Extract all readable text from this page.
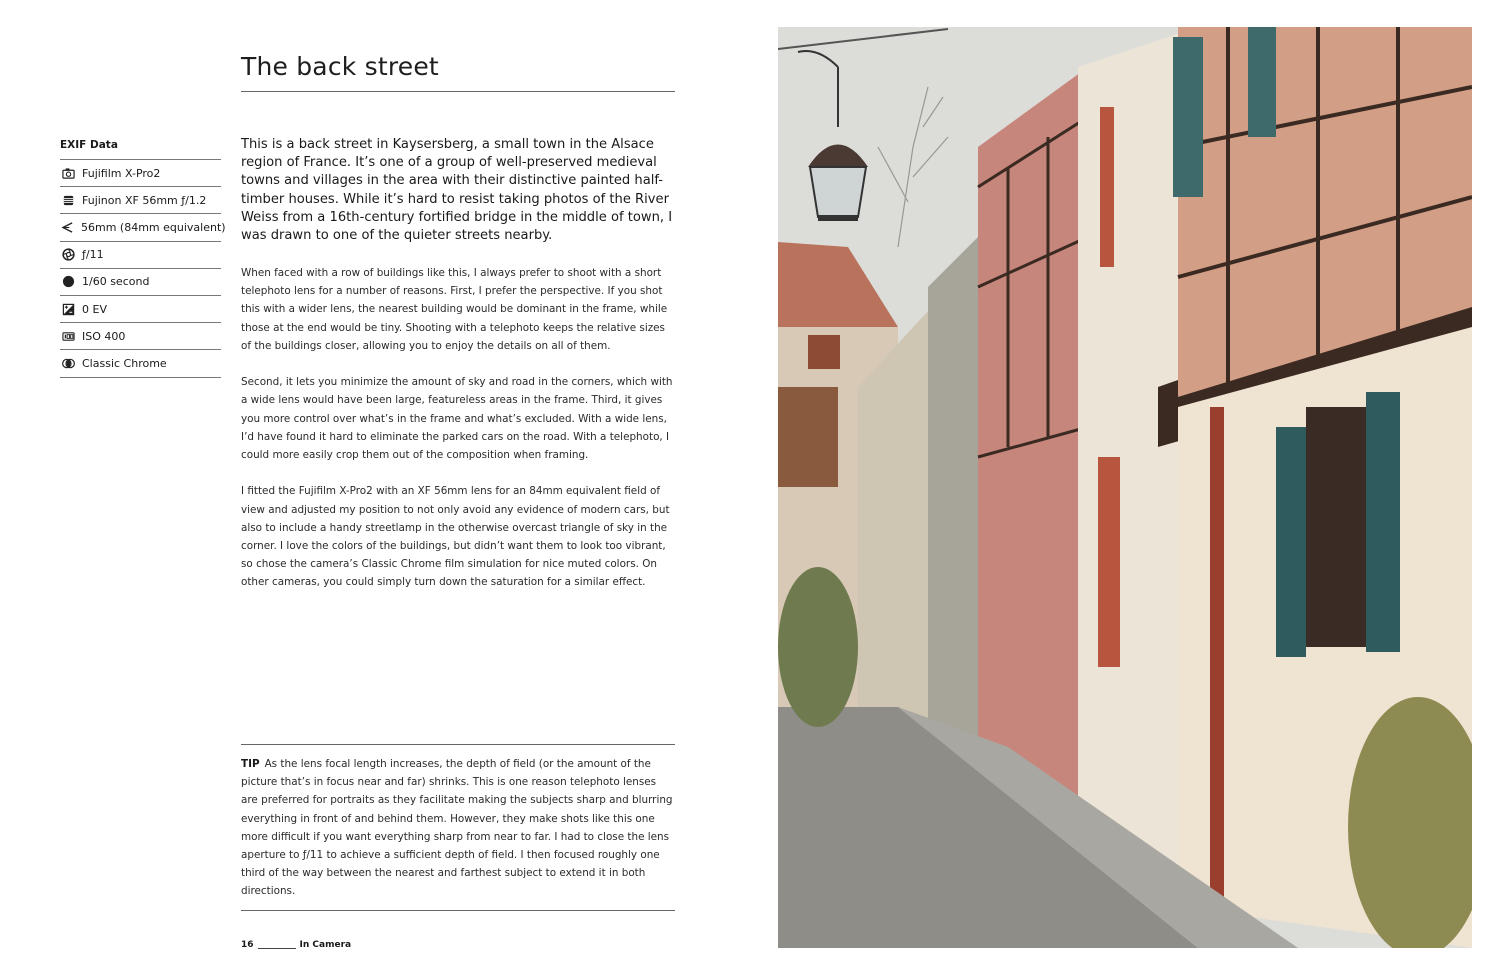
The back street
EXIF Data
Fujifilm X-Pro2
Fujinon XF 56mm ƒ/1.2
56mm (84mm equivalent)
ƒ/11
1/60 second
0 EV
ISO 400
Classic Chrome

This is a back street in Kaysersberg, a small town in the Alsace region of France. It’s one of a group of well-preserved medieval towns and villages in the area with their distinctive painted half-timber houses. While it’s hard to resist taking photos of the River Weiss from a 16th-century fortified bridge in the middle of town, I was drawn to one of the quieter streets nearby.

When faced with a row of buildings like this, I always prefer to shoot with a short telephoto lens for a number of reasons. First, I prefer the perspective. If you shot this with a wider lens, the nearest building would be dominant in the frame, while those at the end would be tiny. Shooting with a telephoto keeps the relative sizes of the buildings closer, allowing you to enjoy the details on all of them.

Second, it lets you minimize the amount of sky and road in the corners, which with a wide lens would have been large, featureless areas in the frame. Third, it gives you more control over what’s in the frame and what’s excluded. With a wide lens, I’d have found it hard to eliminate the parked cars on the road. With a telephoto, I could more easily crop them out of the composition when framing.

I fitted the Fujifilm X-Pro2 with an XF 56mm lens for an 84mm equivalent field of view and adjusted my position to not only avoid any evidence of modern cars, but also to include a handy streetlamp in the otherwise overcast triangle of sky in the corner. I love the colors of the buildings, but didn’t want them to look too vibrant, so chose the camera’s Classic Chrome film simulation for nice muted colors. On other cameras, you could simply turn down the saturation for a similar effect.

TIP As the lens focal length increases, the depth of field (or the amount of the picture that’s in focus near and far) shrinks. This is one reason telephoto lenses are preferred for portraits as they facilitate making the subjects sharp and blurring everything in front of and behind them. However, they make shots like this one more difficult if you want everything sharp from near to far. I had to close the lens aperture to ƒ/11 to achieve a sufficient depth of field. I then focused roughly one third of the way between the nearest and farthest subject to extend it in both directions.

16	In Camera
